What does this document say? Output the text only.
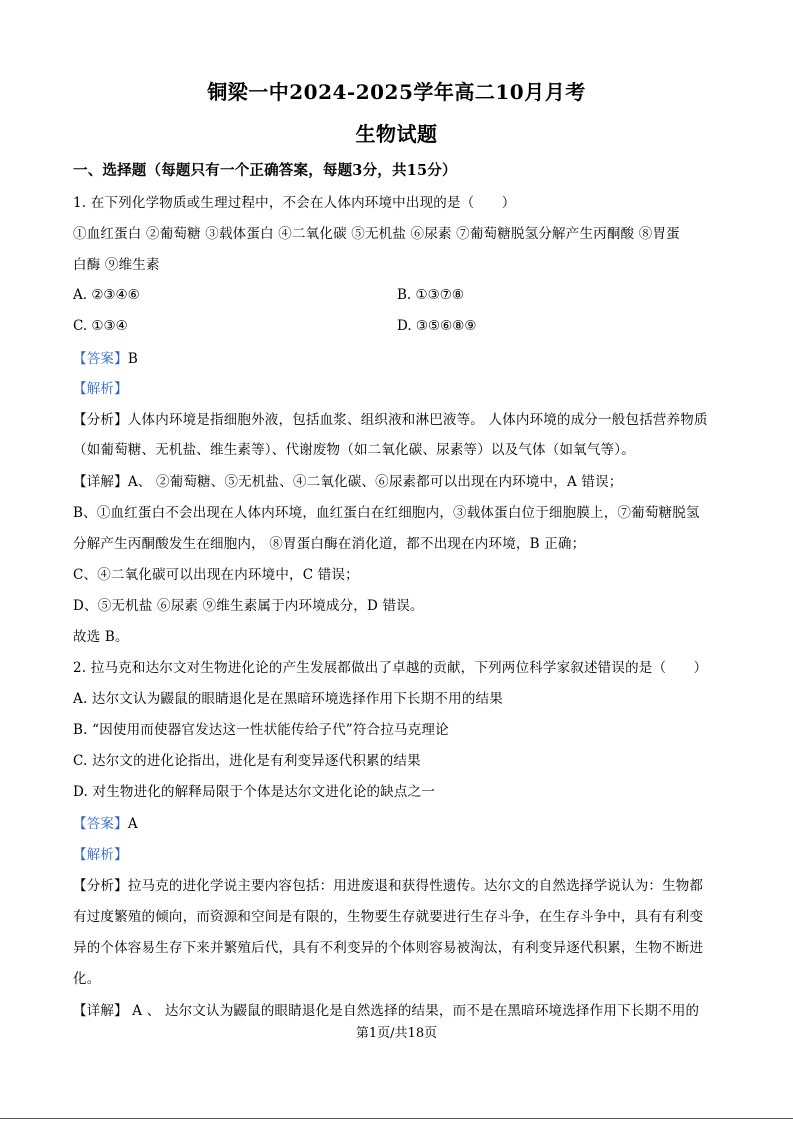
铜梁一中2024-2025学年高二10月月考
生物试题
一、选择题（每题只有一个正确答案，每题3分，共15分）
1. 在下列化学物质或生理过程中，不会在人体内环境中出现的是（　　）
①血红蛋白 ②葡萄糖 ③载体蛋白 ④二氧化碳 ⑤无机盐 ⑥尿素 ⑦葡萄糖脱氢分解产生丙酮酸 ⑧胃蛋
白酶 ⑨维生素
A. ②③④⑥	B. ①③⑦⑧
C. ①③④	D. ③⑤⑥⑧⑨
【答案】B
【解析】
【分析】人体内环境是指细胞外液，包括血浆、组织液和淋巴液等。 人体内环境的成分一般包括营养物质
（如葡萄糖、无机盐、维生素等）、代谢废物（如二氧化碳、尿素等）以及气体（如氧气等）。
【详解】A、 ②葡萄糖、⑤无机盐、④二氧化碳、⑥尿素都可以出现在内环境中，A 错误；
B、①血红蛋白不会出现在人体内环境，血红蛋白在红细胞内，③载体蛋白位于细胞膜上，⑦葡萄糖脱氢
分解产生丙酮酸发生在细胞内， ⑧胃蛋白酶在消化道，都不出现在内环境，B 正确；
C、④二氧化碳可以出现在内环境中，C 错误；
D、⑤无机盐 ⑥尿素 ⑨维生素属于内环境成分，D 错误。
故选 B。
2. 拉马克和达尔文对生物进化论的产生发展都做出了卓越的贡献，下列两位科学家叙述错误的是（　　）
A. 达尔文认为鼹鼠的眼睛退化是在黑暗环境选择作用下长期不用的结果
B. “因使用而使器官发达这一性状能传给子代”符合拉马克理论
C. 达尔文的进化论指出，进化是有利变异逐代积累的结果
D. 对生物进化的解释局限于个体是达尔文进化论的缺点之一
【答案】A
【解析】
【分析】拉马克的进化学说主要内容包括：用进废退和获得性遗传。达尔文的自然选择学说认为：生物都
有过度繁殖的倾向，而资源和空间是有限的，生物要生存就要进行生存斗争，在生存斗争中，具有有利变
异的个体容易生存下来并繁殖后代，具有不利变异的个体则容易被淘汰，有利变异逐代积累，生物不断进
化。
【详解】 A 、 达尔文认为鼹鼠的眼睛退化是自然选择的结果，而不是在黑暗环境选择作用下长期不用的
第1页/共18页
